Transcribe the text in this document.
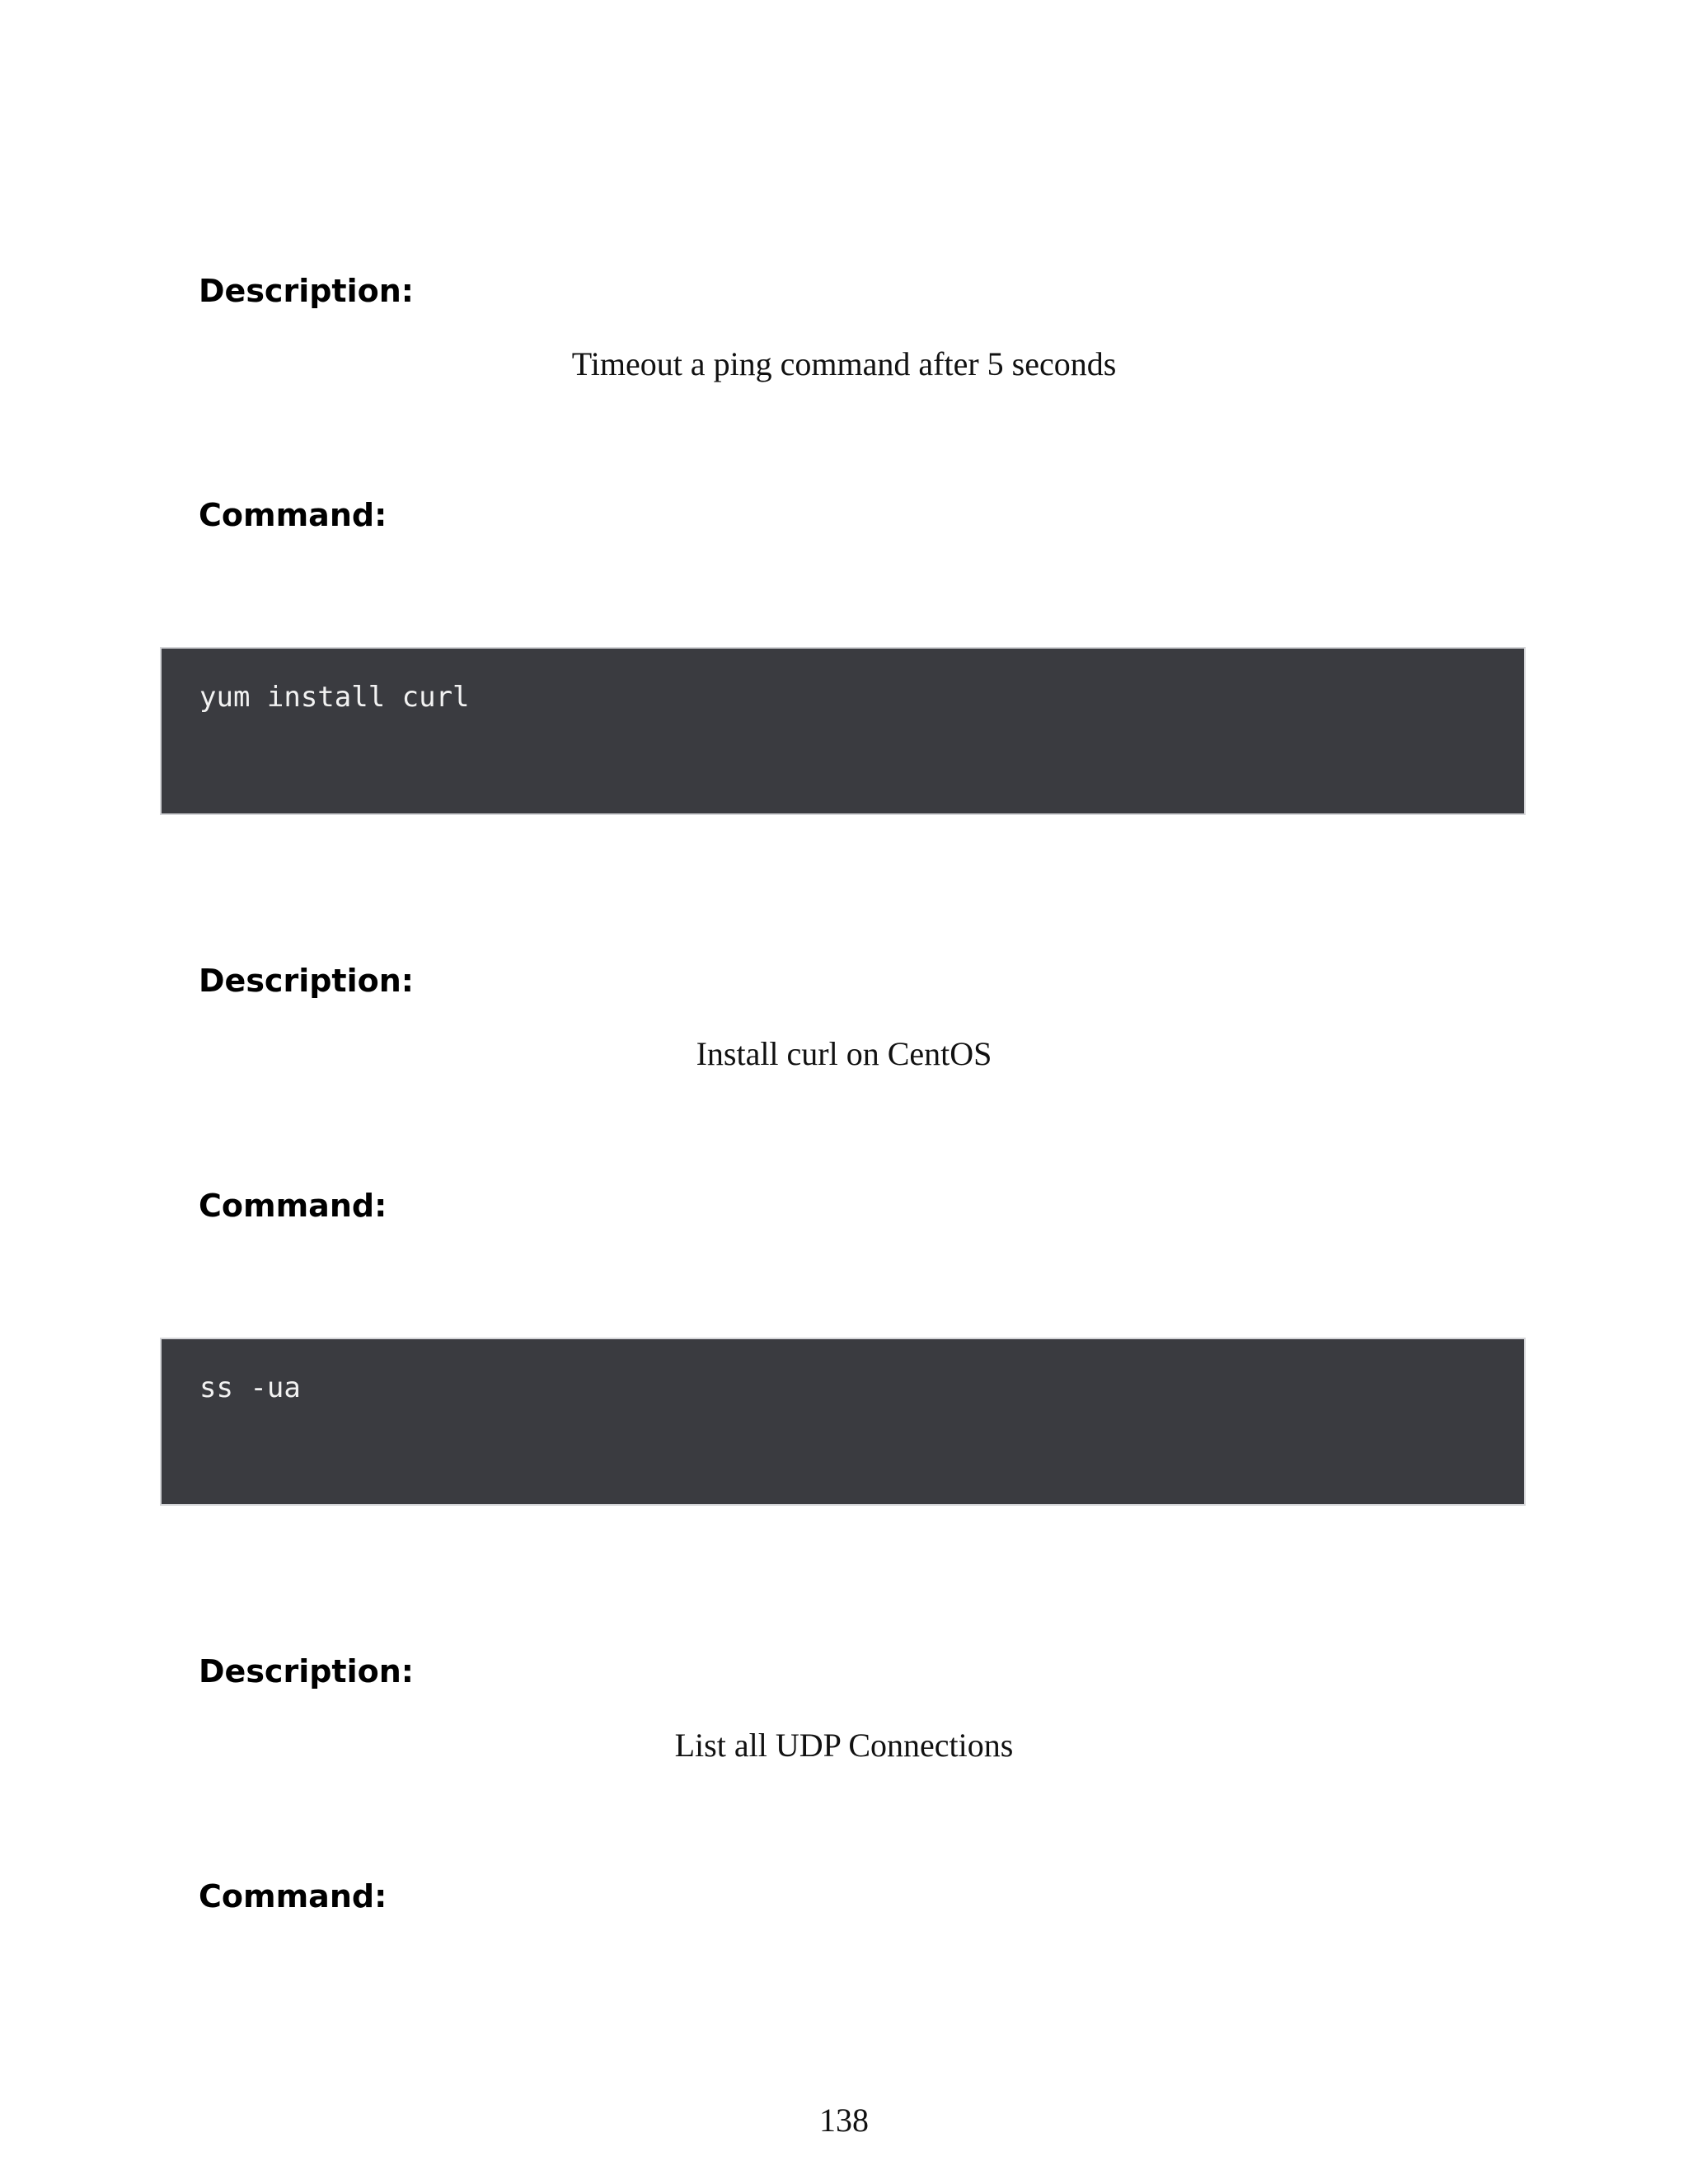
Description:

Timeout a ping command after 5 seconds

Command:
yum install curl
Description:

Install curl on CentOS

Command:
ss -ua
Description:

List all UDP Connections

Command:

138
